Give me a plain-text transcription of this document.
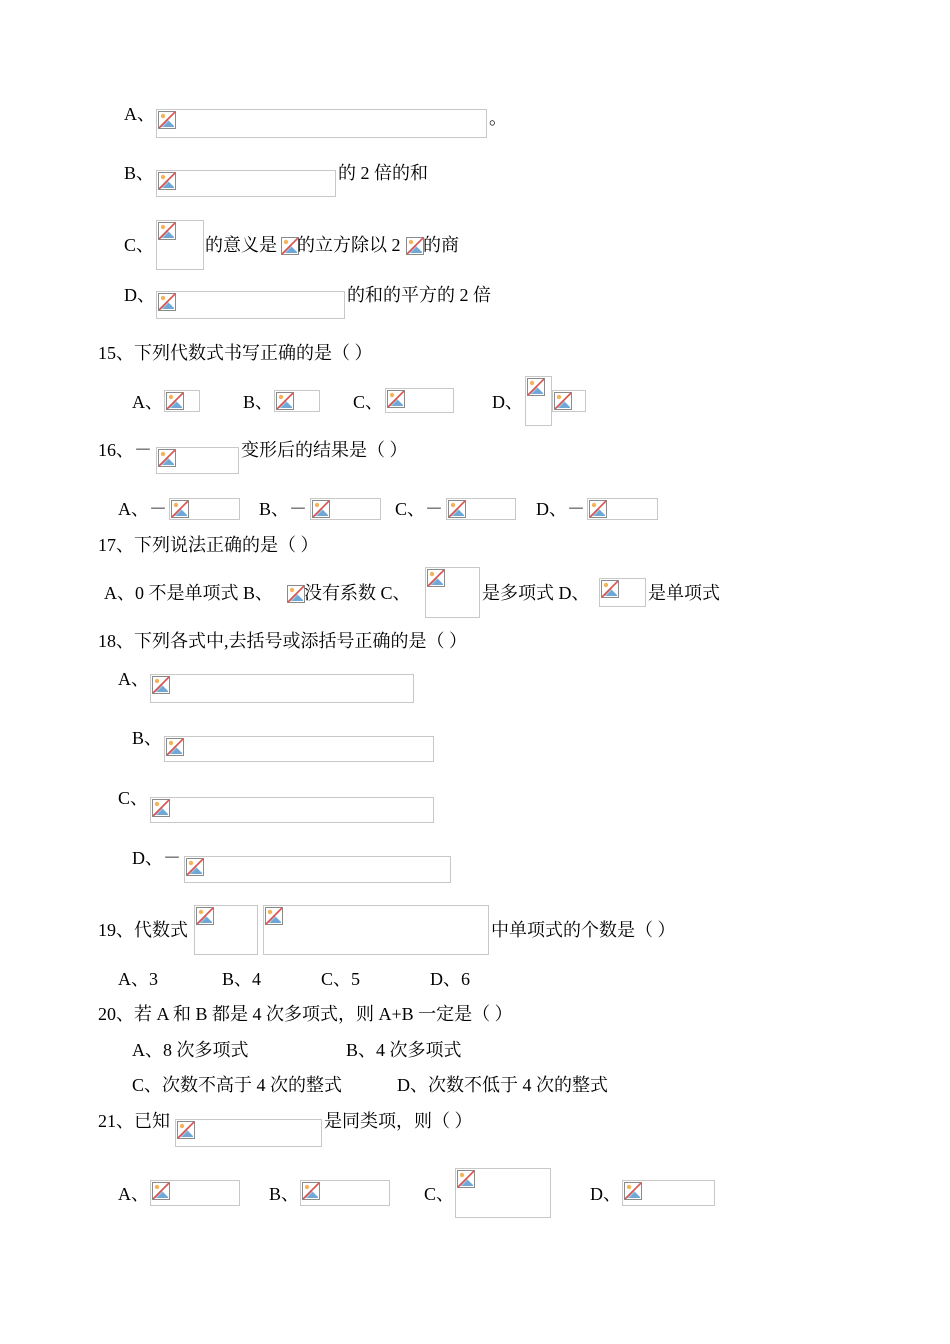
A、	。
B、	的 2 倍的和
C、	的意义是 的立方除以 2 的商
D、	的和的平方的 2 倍
15、下列代数式书写正确的是（ ）
A、	B、	C、	D、
16、－	变形后的结果是（ ）
A、－	B、－	C、－	D、－
17、下列说法正确的是（ ）
A、0 不是单项式 B、 没有系数 C、	是多项式 D、	是单项式
18、下列各式中,去括号或添括号正确的是（ ）
A、
B、
C、
D、－
19、代数式	中单项式的个数是（ ）
A、3	B、4	C、5	D、6
20、若 A 和 B 都是 4 次多项式，则 A+B 一定是（ ）
A、8 次多项式	B、4 次多项式
C、次数不高于 4 次的整式	D、次数不低于 4 次的整式
21、已知	是同类项，则（ ）
A、	B、	C、	D、
